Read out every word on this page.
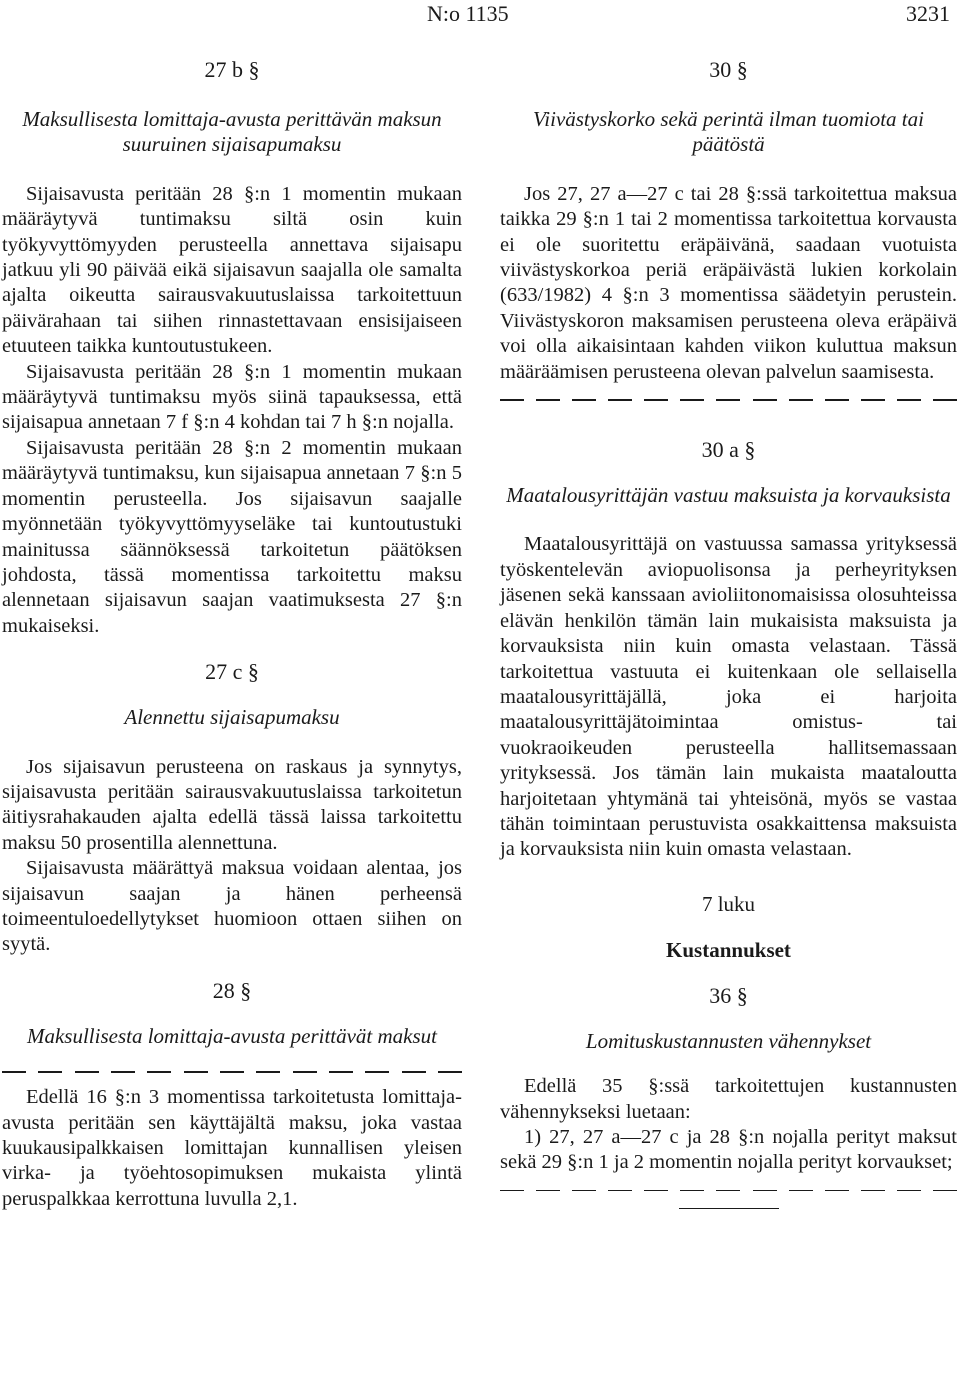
N:o 1135	3231

27 b §

Maksullisesta lomittaja-avusta perittävän maksun suuruinen sijaisapumaksu

Sijaisavusta peritään 28 §:n 1 momentin mukaan määräytyvä tuntimaksu siltä osin kuin työkyvyttömyyden perusteella annettava sijaisapu jatkuu yli 90 päivää eikä sijaisavun saajalla ole samalta ajalta oikeutta sairausvakuutuslaissa tarkoitettuun päivärahaan tai siihen rinnastettavaan ensisijaiseen etuuteen taikka kuntoutustukeen.

Sijaisavusta peritään 28 §:n 1 momentin mukaan määräytyvä tuntimaksu myös siinä tapauksessa, että sijaisapua annetaan 7 f §:n 4 kohdan tai 7 h §:n nojalla.

Sijaisavusta peritään 28 §:n 2 momentin mukaan määräytyvä tuntimaksu, kun sijaisapua annetaan 7 §:n 5 momentin perusteella. Jos sijaisavun saajalle myönnetään työkyvyttömyyseläke tai kuntoutustuki mainitussa säännöksessä tarkoitetun päätöksen johdosta, tässä momentissa tarkoitettu maksu alennetaan sijaisavun saajan vaatimuksesta 27 §:n mukaiseksi.

27 c §

Alennettu sijaisapumaksu

Jos sijaisavun perusteena on raskaus ja synnytys, sijaisavusta peritään sairausvakuutuslaissa tarkoitetun äitiysrahakauden ajalta edellä tässä laissa tarkoitettu maksu 50 prosentilla alennettuna.

Sijaisavusta määrättyä maksua voidaan alentaa, jos sijaisavun saajan ja hänen perheensä toimeentuloedellytykset huomioon ottaen siihen on syytä.

28 §

Maksullisesta lomittaja-avusta perittävät maksut

Edellä 16 §:n 3 momentissa tarkoitetusta lomittaja-avusta peritään sen käyttäjältä maksu, joka vastaa kuukausipalkkaisen lomittajan kunnallisen yleisen virka- ja työehtosopimuksen mukaista ylintä peruspalkkaa kerrottuna luvulla 2,1.

30 §

Viivästyskorko sekä perintä ilman tuomiota tai päätöstä

Jos 27, 27 a—27 c tai 28 §:ssä tarkoitettua maksua taikka 29 §:n 1 tai 2 momentissa tarkoitettua korvausta ei ole suoritettu eräpäivänä, saadaan vuotuista viivästyskorkoa periä eräpäivästä lukien korkolain (633/1982) 4 §:n 3 momentissa säädetyin perustein. Viivästyskoron maksamisen perusteena oleva eräpäivä voi olla aikaisintaan kahden viikon kuluttua maksun määräämisen perusteena olevan palvelun saamisesta.

30 a §

Maatalousyrittäjän vastuu maksuista ja korvauksista

Maatalousyrittäjä on vastuussa samassa yrityksessä työskentelevän aviopuolisonsa ja perheyrityksen jäsenen sekä kanssaan avioliitonomaisissa olosuhteissa elävän henkilön tämän lain mukaisista maksuista ja korvauksista niin kuin omasta velastaan. Tässä tarkoitettua vastuuta ei kuitenkaan ole sellaisella maatalousyrittäjällä, joka ei harjoita maatalousyrittäjätoimintaa omistus- tai vuokraoikeuden perusteella hallitsemassaan yrityksessä. Jos tämän lain mukaista maataloutta harjoitetaan yhtymänä tai yhteisönä, myös se vastaa tähän toimintaan perustuvista osakkaittensa maksuista ja korvauksista niin kuin omasta velastaan.

7 luku

Kustannukset

36 §

Lomituskustannusten vähennykset

Edellä 35 §:ssä tarkoitettujen kustannusten vähennykseksi luetaan:

1) 27, 27 a—27 c ja 28 §:n nojalla perityt maksut sekä 29 §:n 1 ja 2 momentin nojalla perityt korvaukset;
